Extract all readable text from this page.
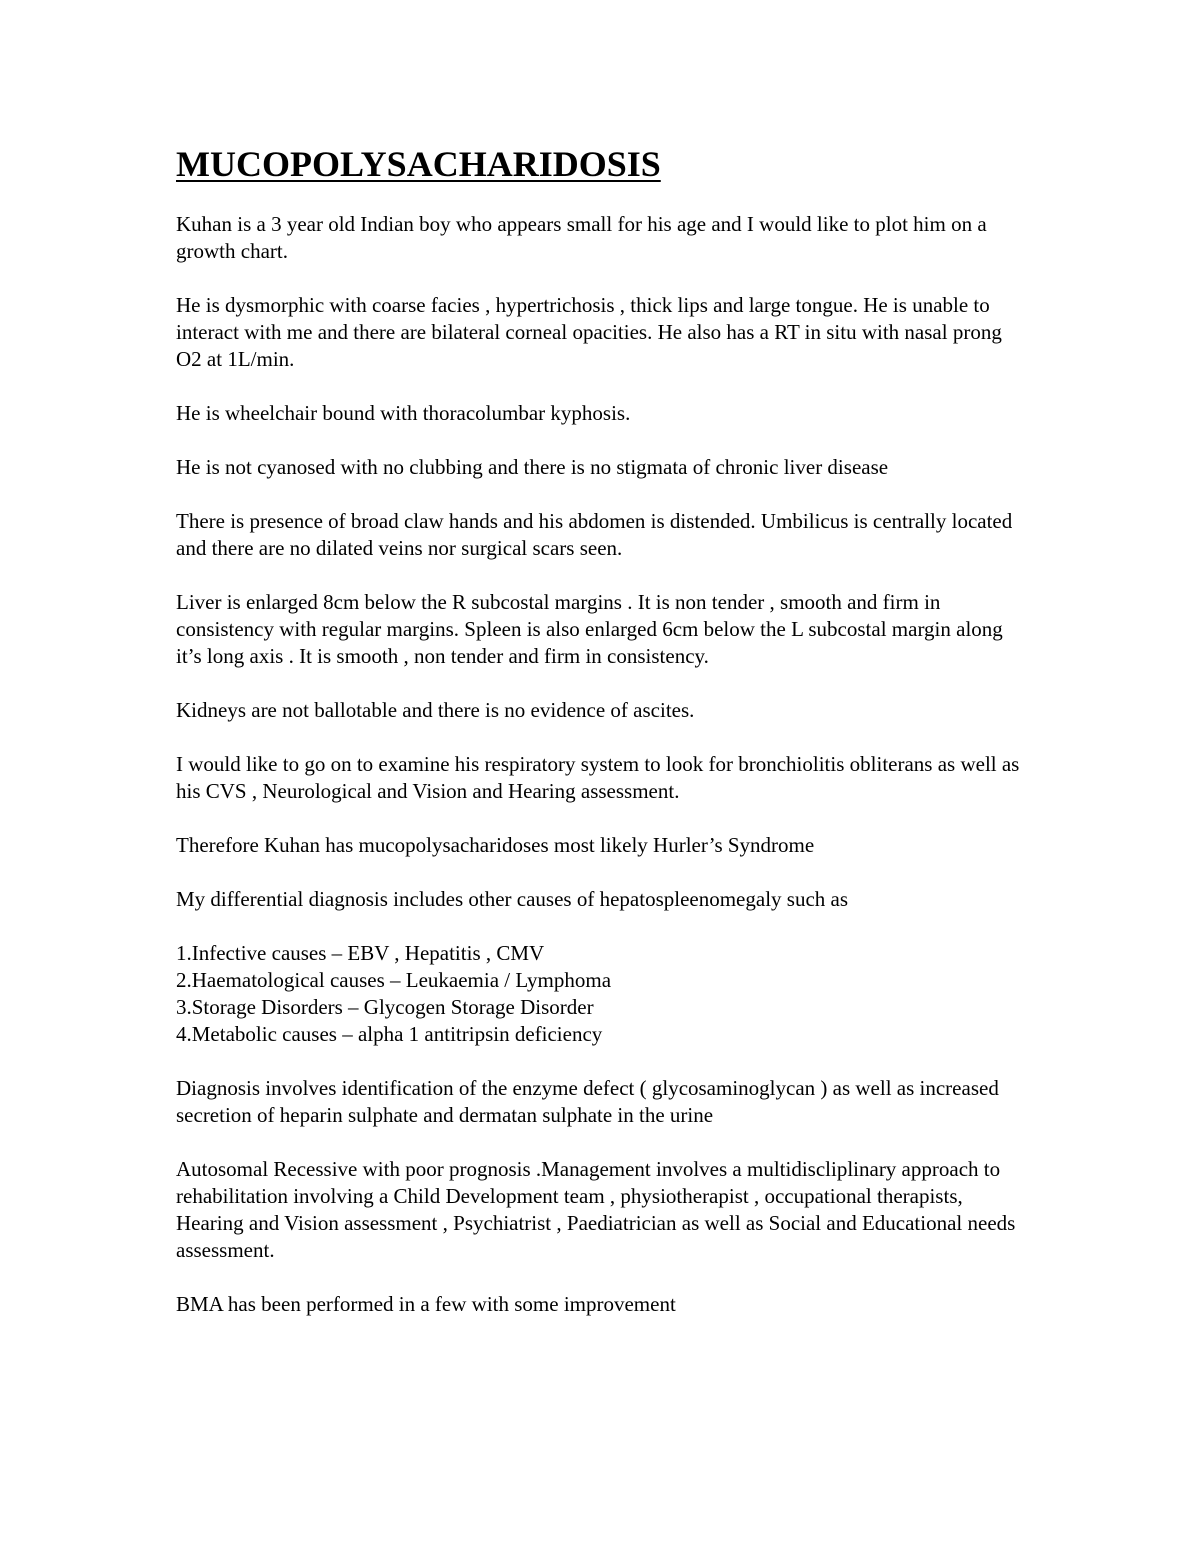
MUCOPOLYSACHARIDOSIS

Kuhan is a 3 year old Indian boy who appears small for his age and I would like to plot him on a growth chart.

He is dysmorphic with coarse facies , hypertrichosis , thick lips and large tongue. He is unable to interact with me and there are bilateral corneal opacities. He also has a RT in situ with nasal prong O2 at 1L/min.

He is wheelchair bound with thoracolumbar kyphosis.

He is not cyanosed with no clubbing and there is no stigmata of chronic liver disease

There is presence of broad claw hands and his abdomen is distended. Umbilicus is centrally located and there are no dilated veins nor surgical scars seen.

Liver is enlarged 8cm below the R subcostal margins . It is non tender , smooth and firm in consistency with regular margins. Spleen is also enlarged 6cm below the L subcostal margin along it’s long axis . It is smooth , non tender and firm in consistency.

Kidneys are not ballotable and there is no evidence of ascites.

I would like to go on to examine his respiratory system to look for bronchiolitis obliterans as well as his CVS , Neurological and Vision and Hearing assessment.

Therefore Kuhan has mucopolysacharidoses most likely Hurler’s Syndrome

My differential diagnosis includes other causes of hepatospleenomegaly such as

1.Infective causes – EBV , Hepatitis , CMV
2.Haematological causes – Leukaemia / Lymphoma
3.Storage Disorders – Glycogen Storage Disorder
4.Metabolic causes – alpha 1 antitripsin deficiency

Diagnosis involves identification of the enzyme defect ( glycosaminoglycan ) as well as increased secretion of heparin sulphate and dermatan sulphate in the urine

Autosomal Recessive with poor prognosis .Management involves a multidiscliplinary approach to rehabilitation involving a Child Development team , physiotherapist , occupational therapists, Hearing and Vision assessment , Psychiatrist , Paediatrician as well as Social and Educational needs assessment.

BMA has been performed in a few with some improvement
